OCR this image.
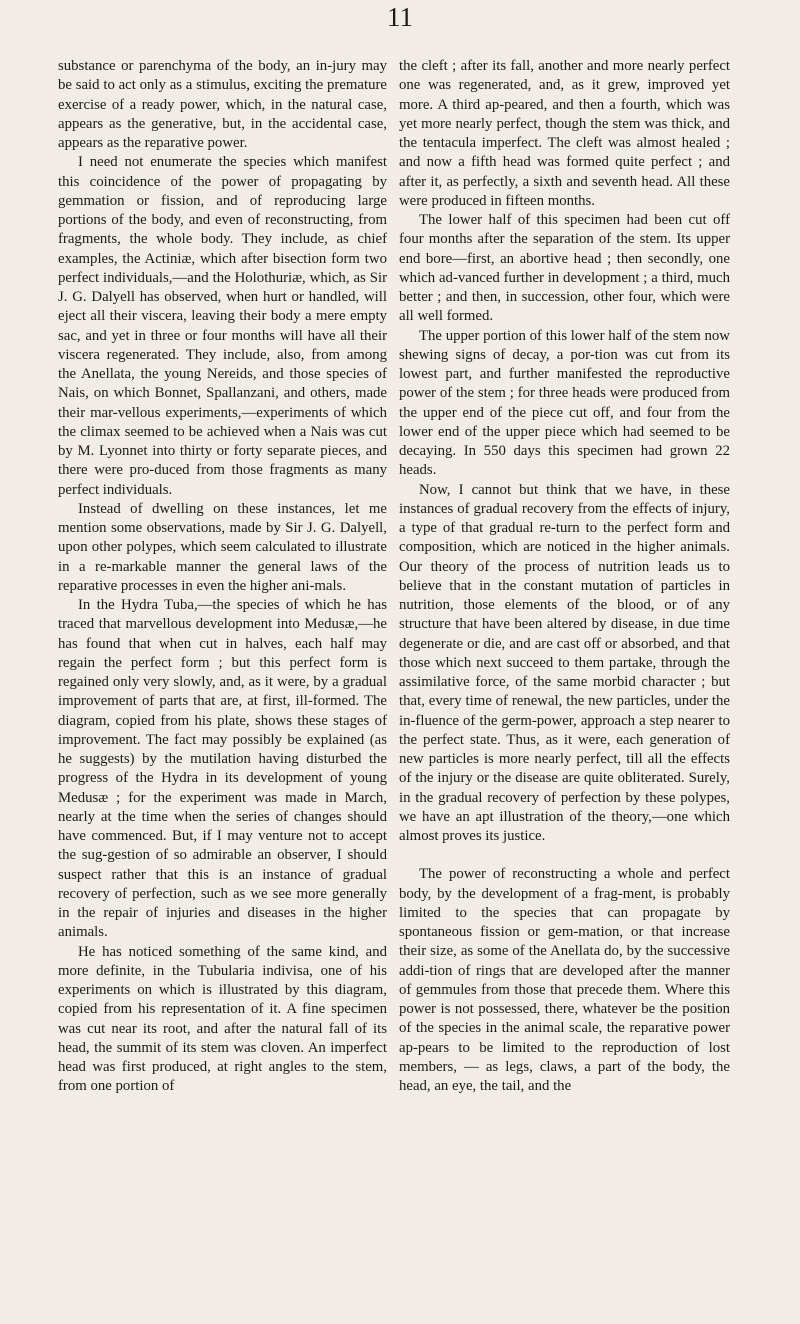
11

substance or parenchyma of the body, an in-jury may be said to act only as a stimulus, exciting the premature exercise of a ready power, which, in the natural case, appears as the generative, but, in the accidental case, appears as the reparative power.

I need not enumerate the species which manifest this coincidence of the power of propagating by gemmation or fission, and of reproducing large portions of the body, and even of reconstructing, from fragments, the whole body. They include, as chief examples, the Actiniæ, which after bisection form two perfect individuals,—and the Holothuriæ, which, as Sir J. G. Dalyell has observed, when hurt or handled, will eject all their viscera, leaving their body a mere empty sac, and yet in three or four months will have all their viscera regenerated. They include, also, from among the Anellata, the young Nereids, and those species of Nais, on which Bonnet, Spallanzani, and others, made their mar-vellous experiments,—experiments of which the climax seemed to be achieved when a Nais was cut by M. Lyonnet into thirty or forty separate pieces, and there were pro-duced from those fragments as many perfect individuals.

Instead of dwelling on these instances, let me mention some observations, made by Sir J. G. Dalyell, upon other polypes, which seem calculated to illustrate in a re-markable manner the general laws of the reparative processes in even the higher ani-mals.

In the Hydra Tuba,—the species of which he has traced that marvellous development into Medusæ,—he has found that when cut in halves, each half may regain the perfect form ; but this perfect form is regained only very slowly, and, as it were, by a gradual improvement of parts that are, at first, ill-formed. The diagram, copied from his plate, shows these stages of improvement. The fact may possibly be explained (as he suggests) by the mutilation having disturbed the progress of the Hydra in its development of young Medusæ ; for the experiment was made in March, nearly at the time when the series of changes should have commenced. But, if I may venture not to accept the sug-gestion of so admirable an observer, I should suspect rather that this is an instance of gradual recovery of perfection, such as we see more generally in the repair of injuries and diseases in the higher animals.

He has noticed something of the same kind, and more definite, in the Tubularia indivisa, one of his experiments on which is illustrated by this diagram, copied from his representation of it. A fine specimen was cut near its root, and after the natural fall of its head, the summit of its stem was cloven. An imperfect head was first produced, at right angles to the stem, from one portion of

the cleft ; after its fall, another and more nearly perfect one was regenerated, and, as it grew, improved yet more. A third ap-peared, and then a fourth, which was yet more nearly perfect, though the stem was thick, and the tentacula imperfect. The cleft was almost healed ; and now a fifth head was formed quite perfect ; and after it, as perfectly, a sixth and seventh head. All these were produced in fifteen months.

The lower half of this specimen had been cut off four months after the separation of the stem. Its upper end bore—first, an abortive head ; then secondly, one which ad-vanced further in development ; a third, much better ; and then, in succession, other four, which were all well formed.

The upper portion of this lower half of the stem now shewing signs of decay, a por-tion was cut from its lowest part, and further manifested the reproductive power of the stem ; for three heads were produced from the upper end of the piece cut off, and four from the lower end of the upper piece which had seemed to be decaying. In 550 days this specimen had grown 22 heads.

Now, I cannot but think that we have, in these instances of gradual recovery from the effects of injury, a type of that gradual re-turn to the perfect form and composition, which are noticed in the higher animals. Our theory of the process of nutrition leads us to believe that in the constant mutation of particles in nutrition, those elements of the blood, or of any structure that have been altered by disease, in due time degenerate or die, and are cast off or absorbed, and that those which next succeed to them partake, through the assimilative force, of the same morbid character ; but that, every time of renewal, the new particles, under the in-fluence of the germ-power, approach a step nearer to the perfect state. Thus, as it were, each generation of new particles is more nearly perfect, till all the effects of the injury or the disease are quite obliterated. Surely, in the gradual recovery of perfection by these polypes, we have an apt illustration of the theory,—one which almost proves its justice.

The power of reconstructing a whole and perfect body, by the development of a frag-ment, is probably limited to the species that can propagate by spontaneous fission or gem-mation, or that increase their size, as some of the Anellata do, by the successive addi-tion of rings that are developed after the manner of gemmules from those that precede them. Where this power is not possessed, there, whatever be the position of the species in the animal scale, the reparative power ap-pears to be limited to the reproduction of lost members, — as legs, claws, a part of the body, the head, an eye, the tail, and the
